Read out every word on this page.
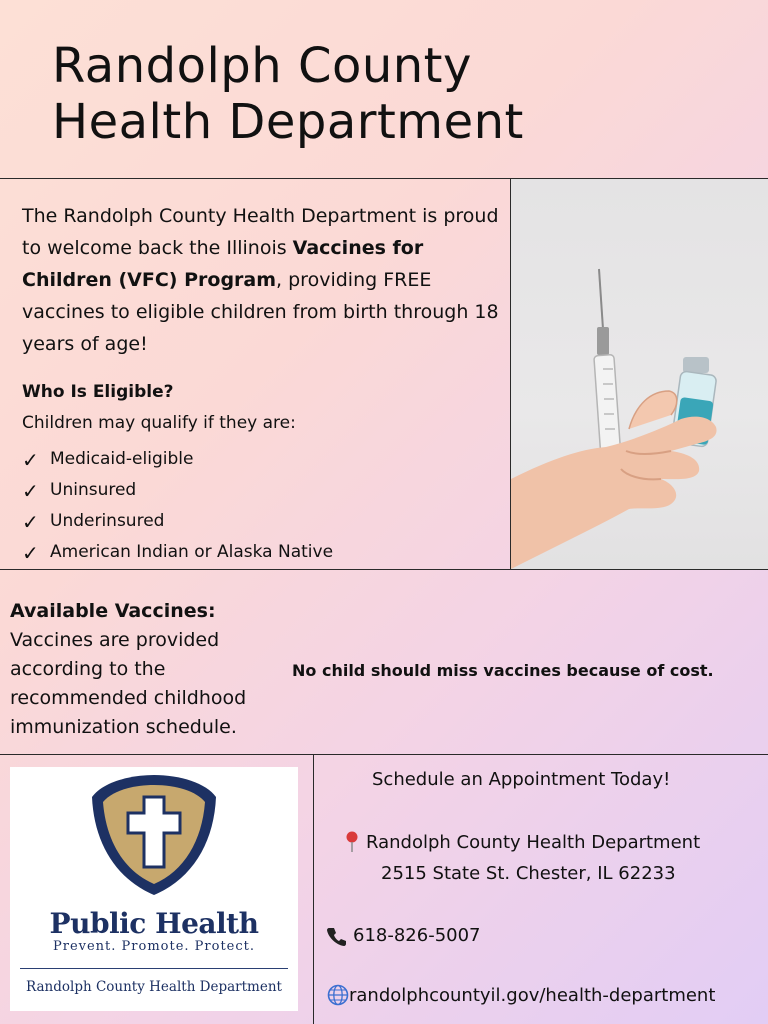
Randolph County
Health Department

The Randolph County Health Department is proud to welcome back the Illinois Vaccines for Children (VFC) Program, providing FREE vaccines to eligible children from birth through 18 years of age!

Who Is Eligible?
Children may qualify if they are:
✓ Medicaid-eligible
✓ Uninsured
✓ Underinsured
✓ American Indian or Alaska Native
Available Vaccines:
Vaccines are provided according to the recommended childhood immunization schedule.
No child should miss vaccines because of cost.
Public Health
Prevent. Promote. Protect.
Randolph County Health Department
Schedule an Appointment Today!
Randolph County Health Department
2515 State St. Chester, IL 62233
618-826-5007
randolphcountyil.gov/health-department
